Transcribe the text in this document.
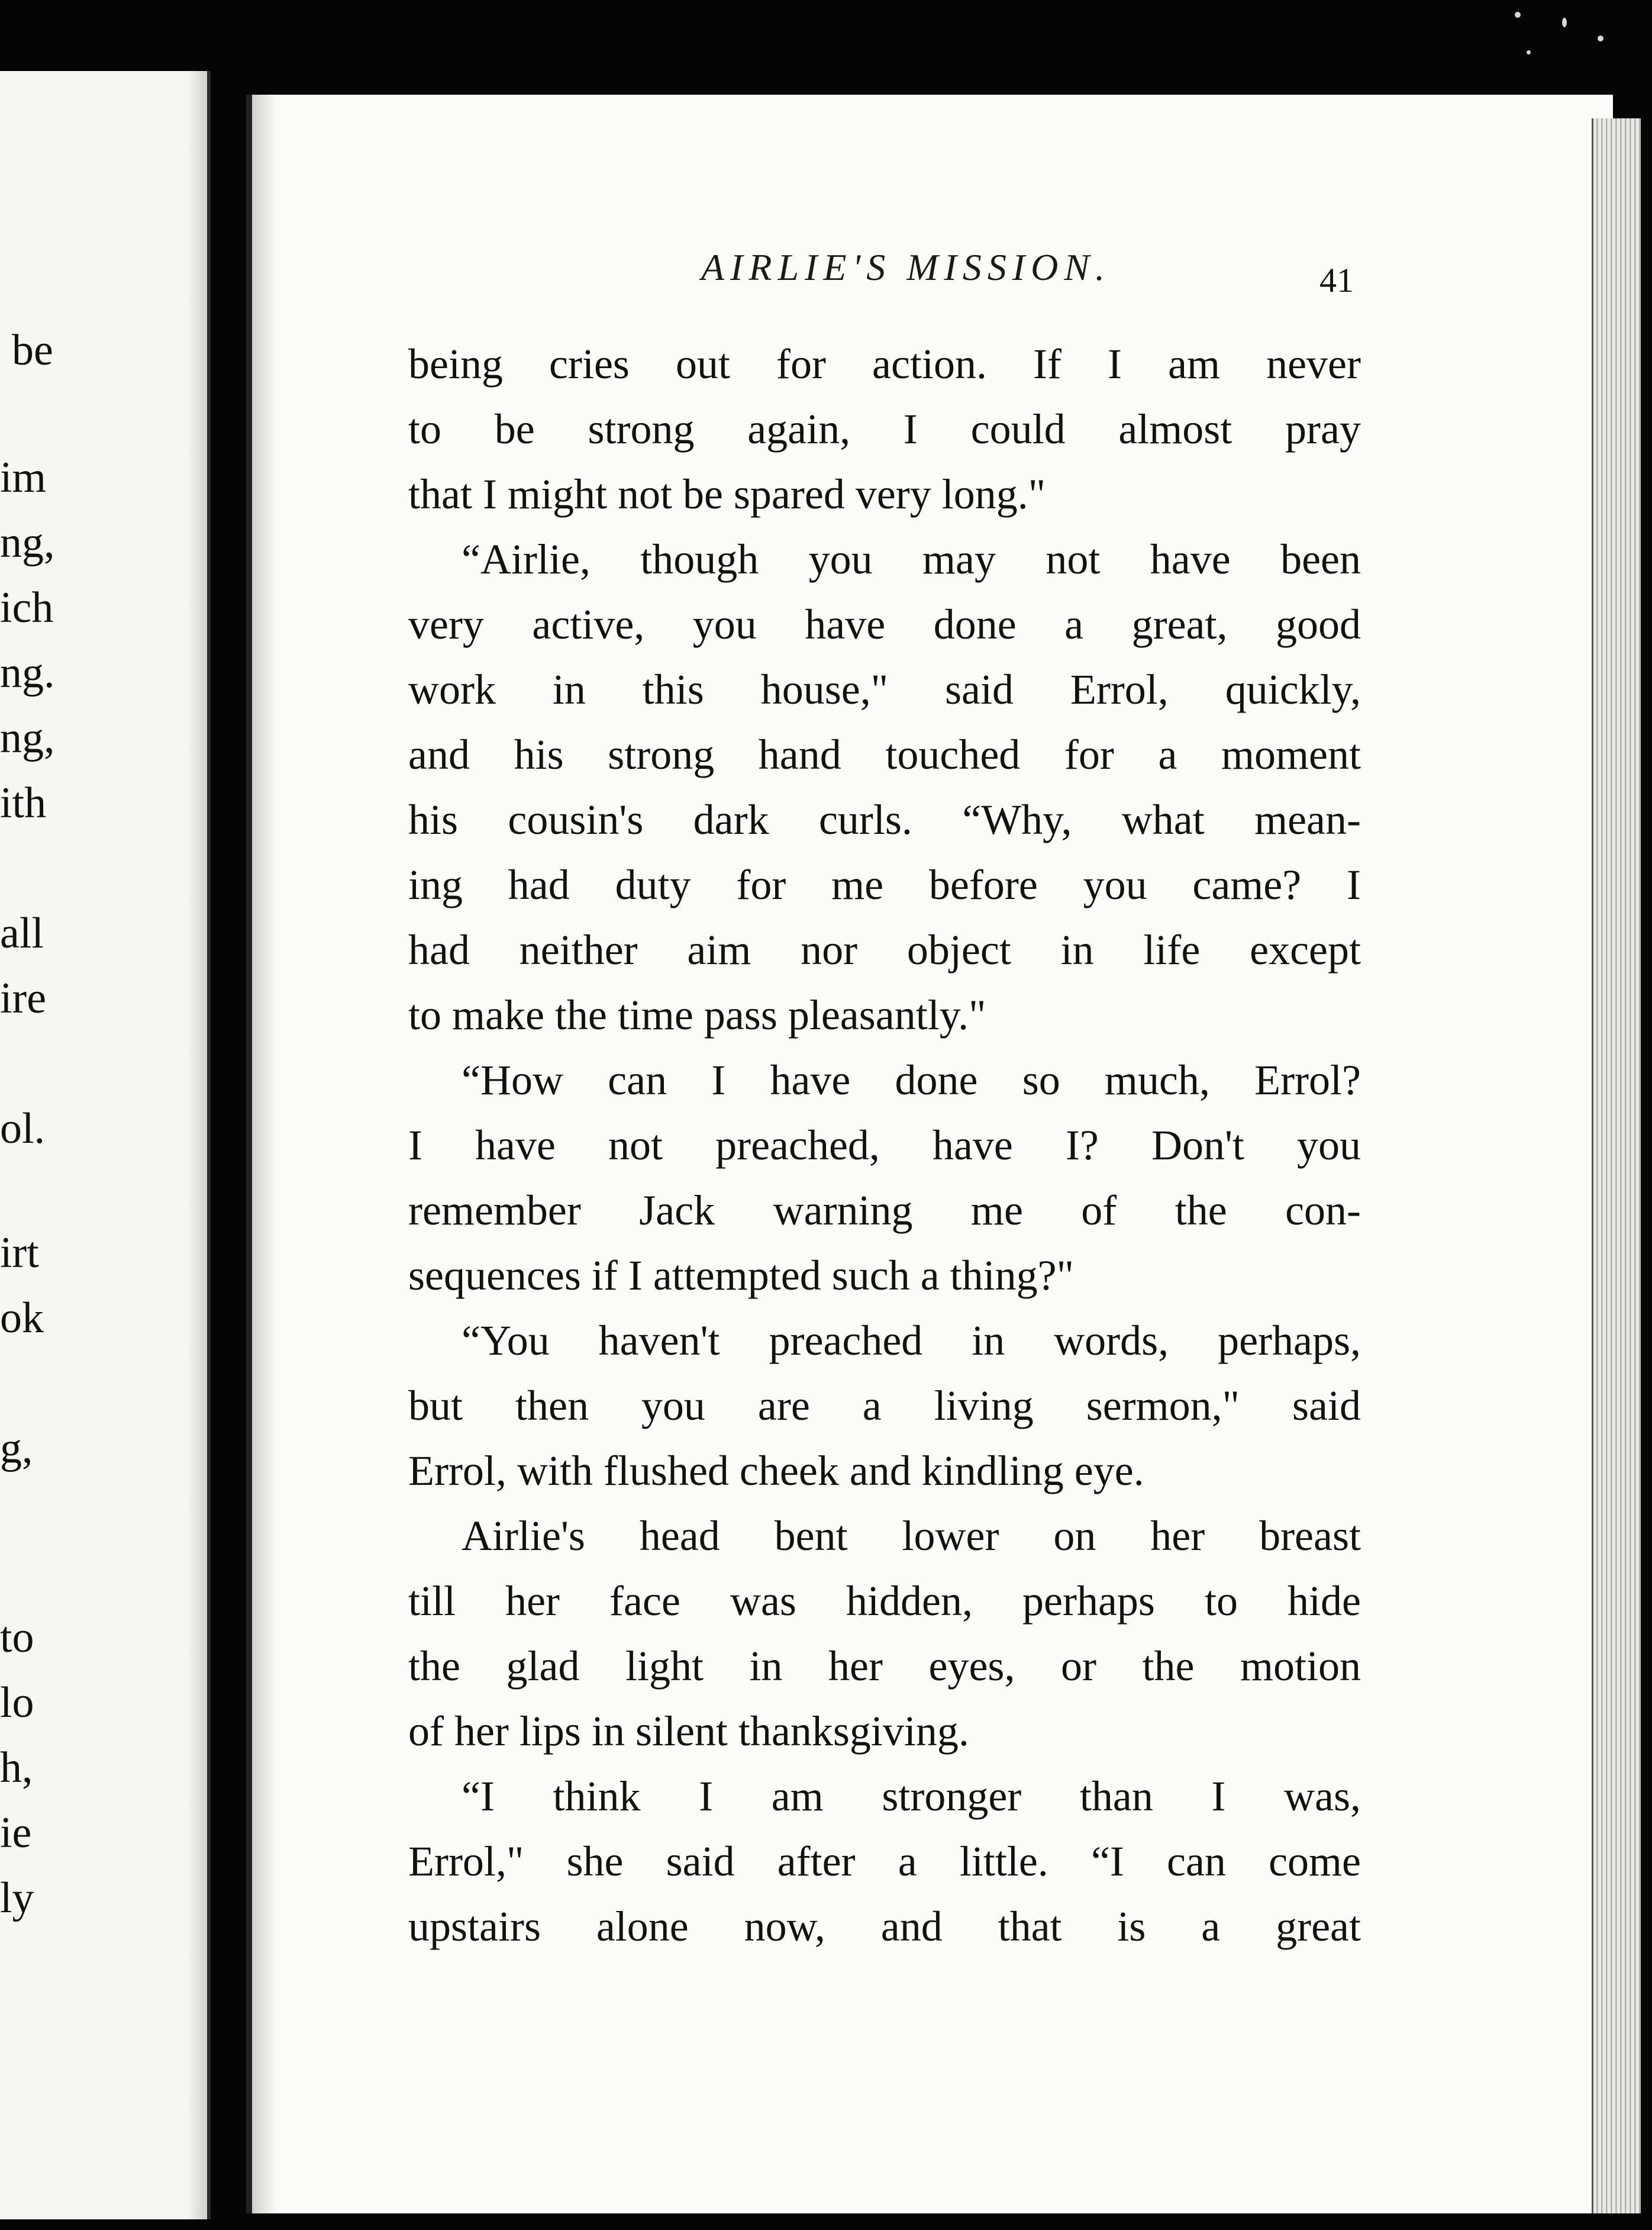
be
im
ng,
ich
ng.
ng,
ith
all
ire
ol.
irt
ok
g,
to
lo
h,
ie
ly
AIRLIE'S MISSION.	41
being cries out for action. If I am never
to be strong again, I could almost pray
that I might not be spared very long."
“Airlie, though you may not have been
very active, you have done a great, good
work in this house," said Errol, quickly,
and his strong hand touched for a moment
his cousin's dark curls. “Why, what mean-
ing had duty for me before you came? I
had neither aim nor object in life except
to make the time pass pleasantly."
“How can I have done so much, Errol?
I have not preached, have I? Don't you
remember Jack warning me of the con-
sequences if I attempted such a thing?"
“You haven't preached in words, perhaps,
but then you are a living sermon," said
Errol, with flushed cheek and kindling eye.
Airlie's head bent lower on her breast
till her face was hidden, perhaps to hide
the glad light in her eyes, or the motion
of her lips in silent thanksgiving.
“I think I am stronger than I was,
Errol," she said after a little. “I can come
upstairs alone now, and that is a great
